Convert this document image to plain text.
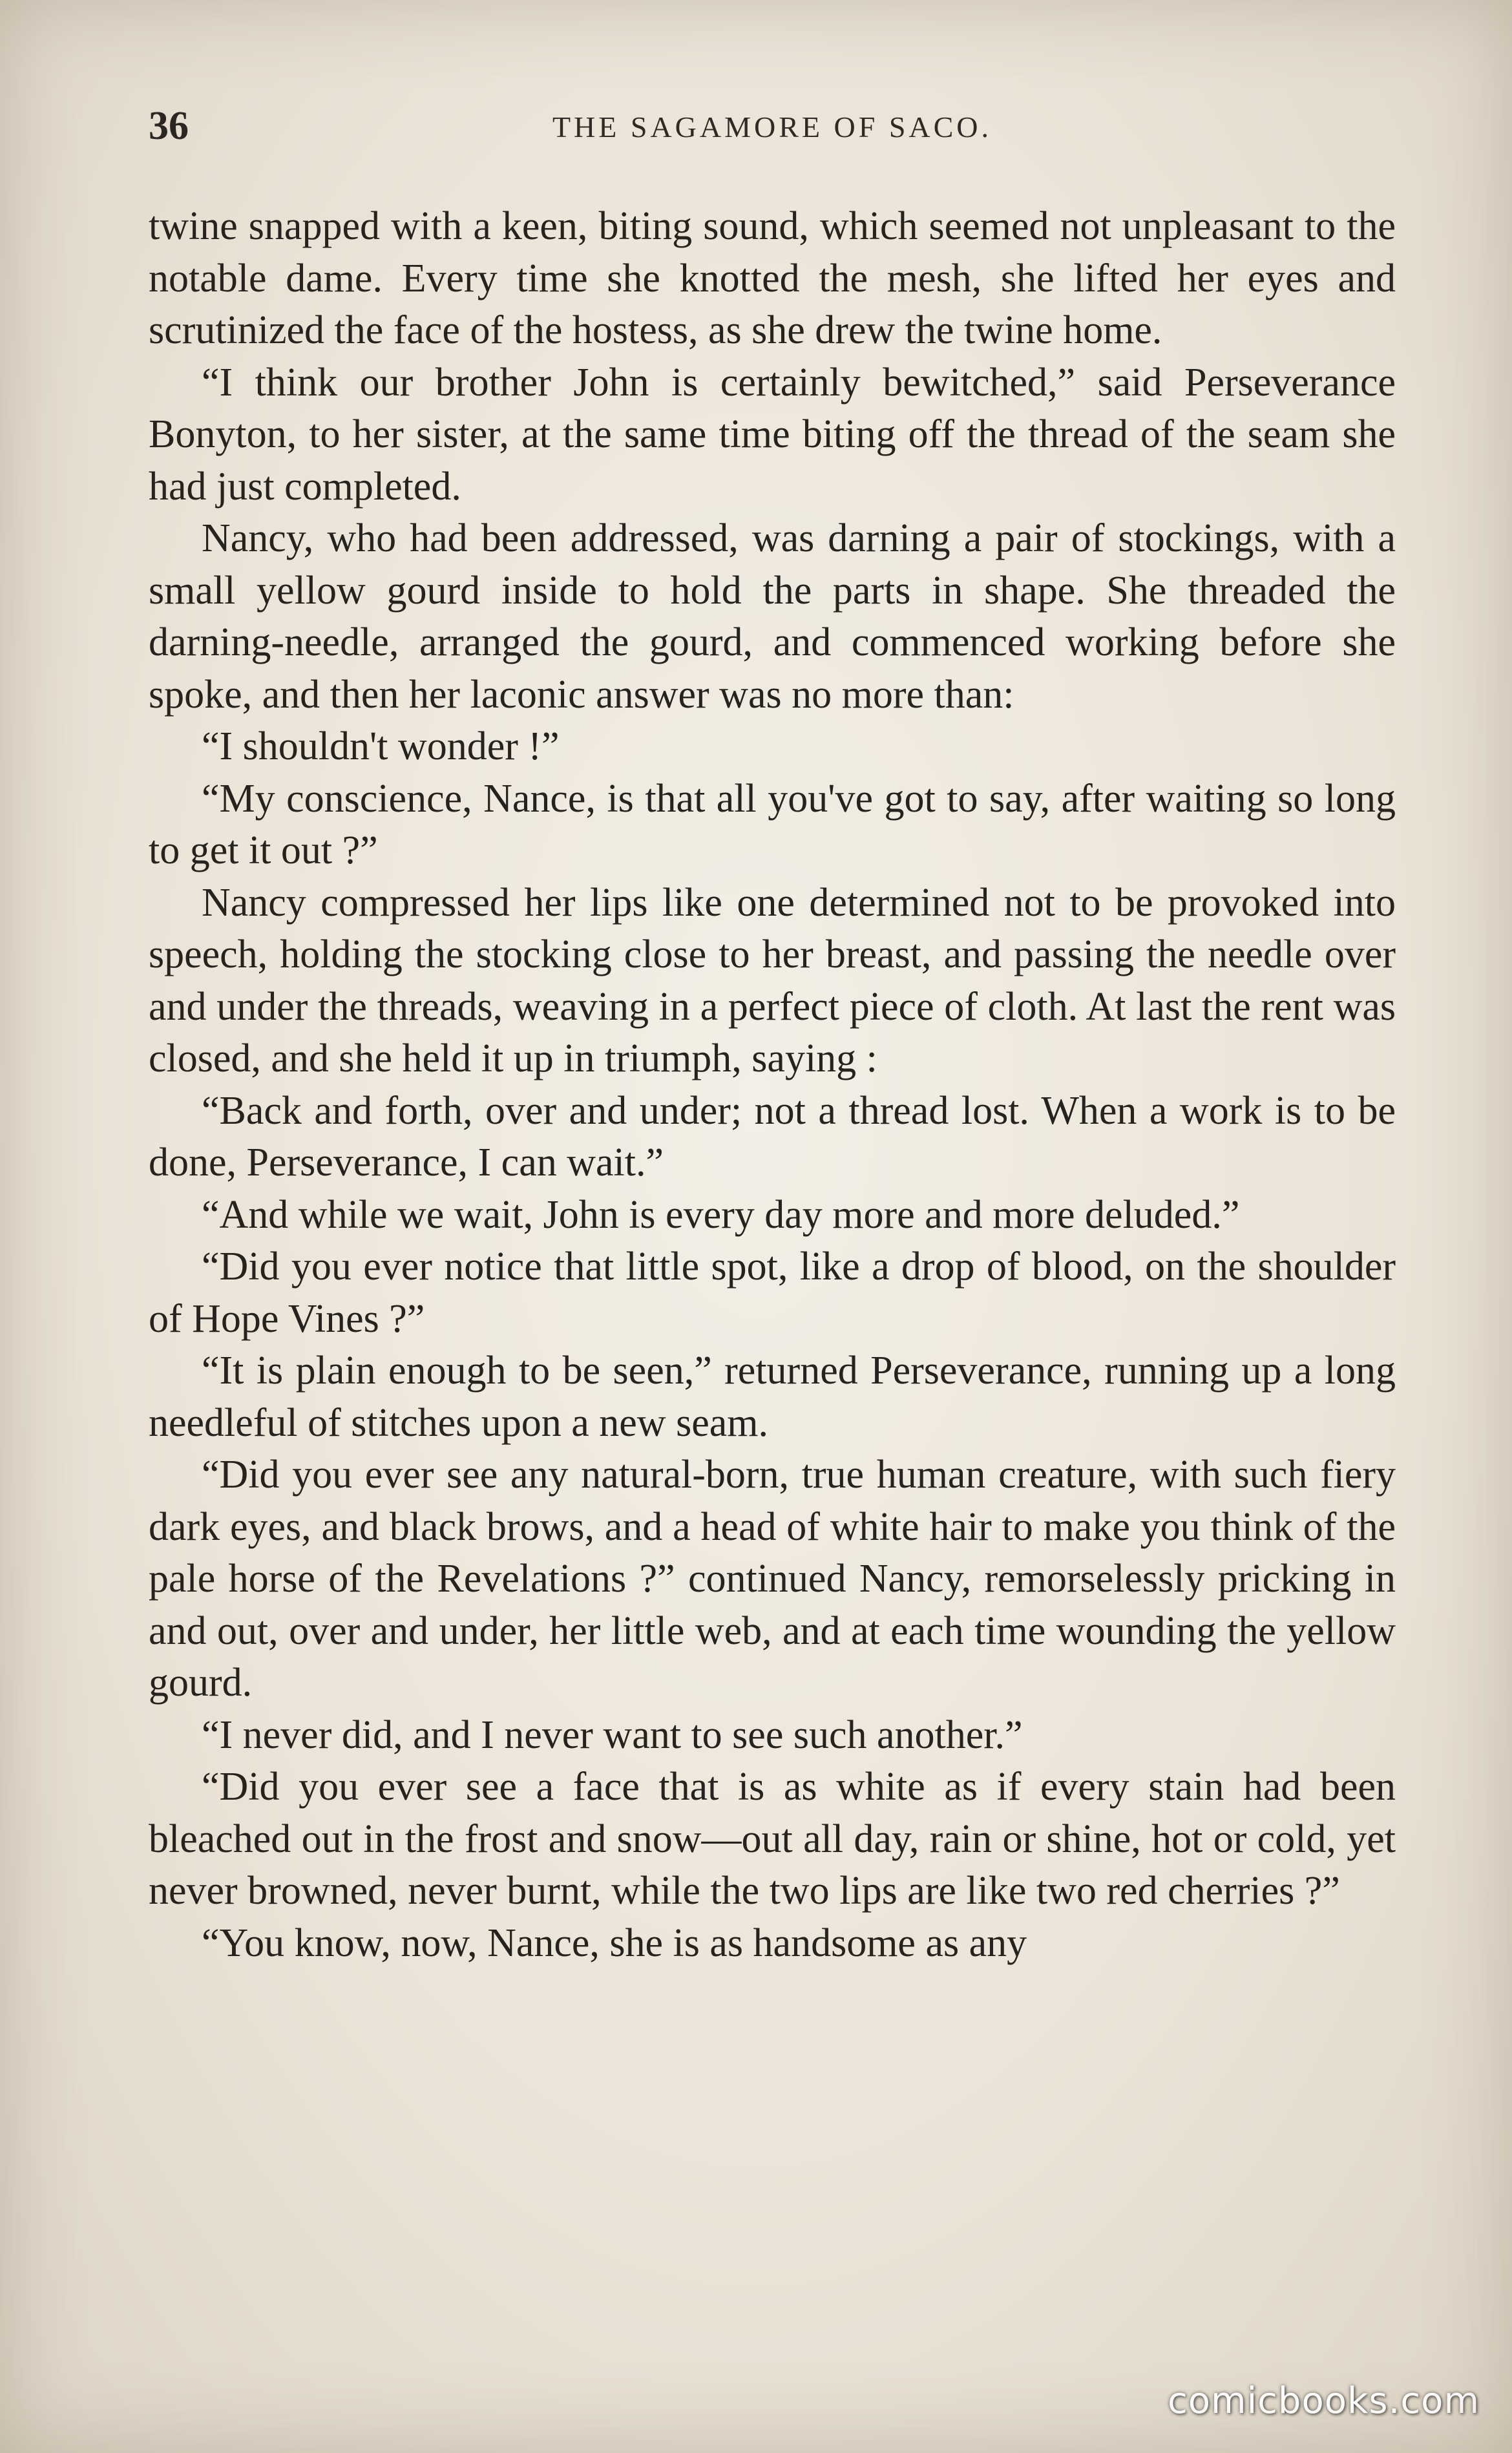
36	THE SAGAMORE OF SACO.

twine snapped with a keen, biting sound, which seemed not unpleasant to the notable dame. Every time she knotted the mesh, she lifted her eyes and scrutinized the face of the hostess, as she drew the twine home.

“I think our brother John is certainly bewitched,” said Perseverance Bonyton, to her sister, at the same time biting off the thread of the seam she had just completed.

Nancy, who had been addressed, was darning a pair of stockings, with a small yellow gourd inside to hold the parts in shape. She threaded the darning-needle, arranged the gourd, and commenced working before she spoke, and then her laconic answer was no more than:

“I shouldn't wonder !”

“My conscience, Nance, is that all you've got to say, after waiting so long to get it out ?”

Nancy compressed her lips like one determined not to be provoked into speech, holding the stocking close to her breast, and passing the needle over and under the threads, weaving in a perfect piece of cloth. At last the rent was closed, and she held it up in triumph, saying :

“Back and forth, over and under; not a thread lost. When a work is to be done, Perseverance, I can wait.”

“And while we wait, John is every day more and more deluded.”

“Did you ever notice that little spot, like a drop of blood, on the shoulder of Hope Vines ?”

“It is plain enough to be seen,” returned Perseverance, running up a long needleful of stitches upon a new seam.

“Did you ever see any natural-born, true human creature, with such fiery dark eyes, and black brows, and a head of white hair to make you think of the pale horse of the Revelations ?” continued Nancy, remorselessly pricking in and out, over and under, her little web, and at each time wounding the yellow gourd.

“I never did, and I never want to see such another.”

“Did you ever see a face that is as white as if every stain had been bleached out in the frost and snow—out all day, rain or shine, hot or cold, yet never browned, never burnt, while the two lips are like two red cherries ?”

“You know, now, Nance, she is as handsome as any

comicbooks.com
